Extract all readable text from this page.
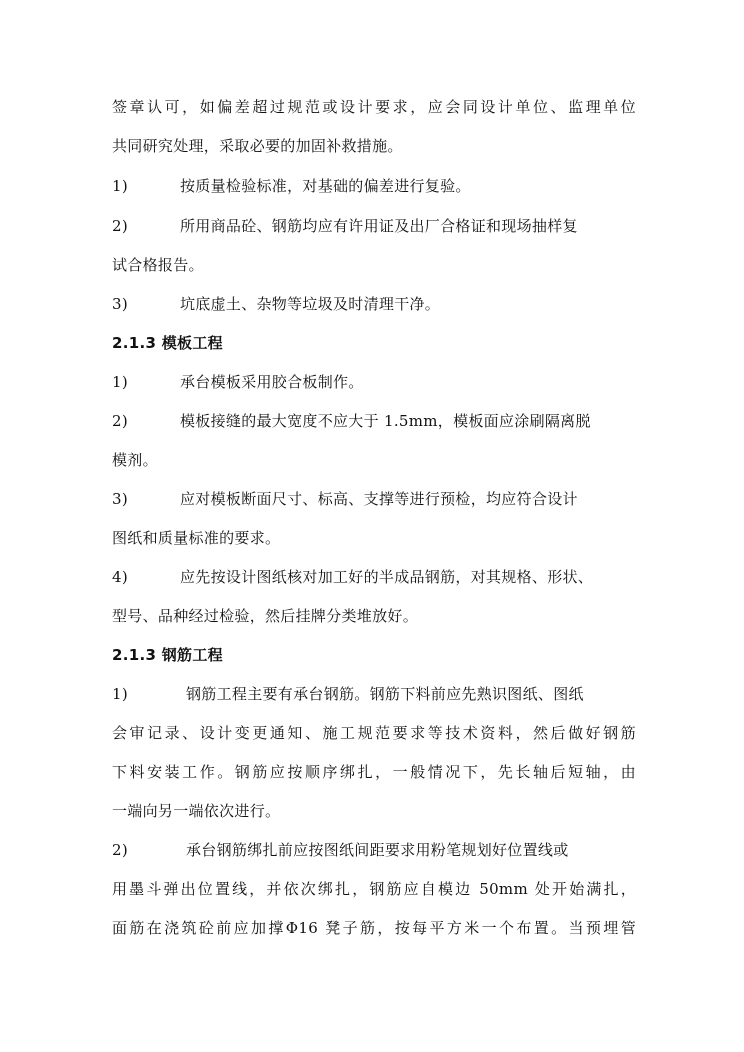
签章认可，如偏差超过规范或设计要求，应会同设计单位、监理单位
共同研究处理，采取必要的加固补救措施。
1)	按质量检验标准，对基础的偏差进行复验。
2)	所用商品砼、钢筋均应有许用证及出厂合格证和现场抽样复
试合格报告。
3)	坑底虚土、杂物等垃圾及时清理干净。
2.1.3 模板工程
1)	承台模板采用胶合板制作。
2)	模板接缝的最大宽度不应大于 1.5mm，模板面应涂刷隔离脱
模剂。
3)	应对模板断面尺寸、标高、支撑等进行预检，均应符合设计
图纸和质量标准的要求。
4)	应先按设计图纸核对加工好的半成品钢筋，对其规格、形状、
型号、品种经过检验，然后挂牌分类堆放好。
2.1.3 钢筋工程
1)	钢筋工程主要有承台钢筋。钢筋下料前应先熟识图纸、图纸
会审记录、设计变更通知、施工规范要求等技术资料，然后做好钢筋
下料安装工作。钢筋应按顺序绑扎，一般情况下，先长轴后短轴，由
一端向另一端依次进行。
2)	承台钢筋绑扎前应按图纸间距要求用粉笔规划好位置线或
用墨斗弹出位置线，并依次绑扎，钢筋应自模边 50mm 处开始满扎，
面筋在浇筑砼前应加撑Φ16 凳子筋，按每平方米一个布置。当预埋管
